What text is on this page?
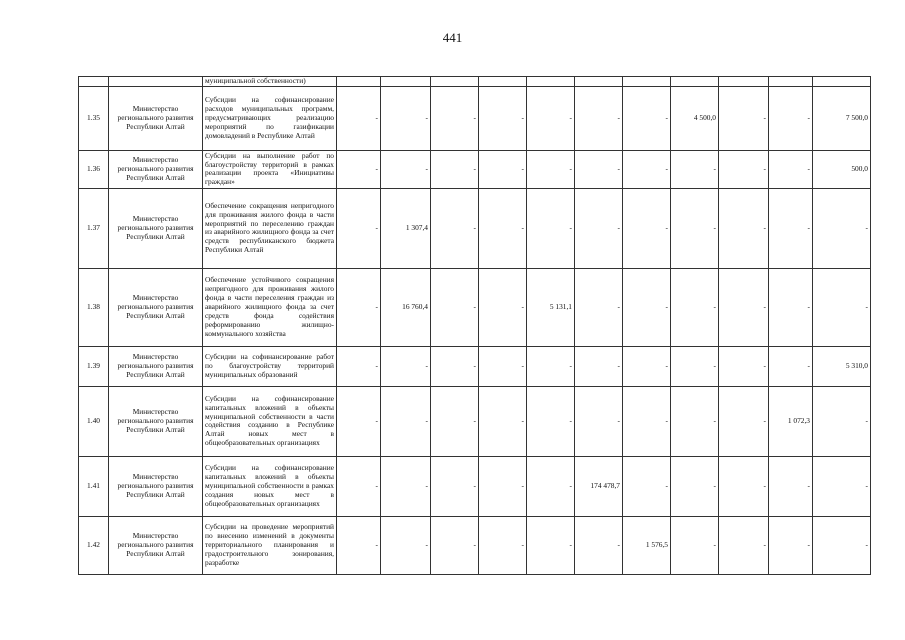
441
		муниципальной собственности)											
1.35	Министерство регионального развития Республики Алтай	Субсидии на софинансирование расходов муниципальных программ, предусматривающих реализацию мероприятий по газификации домовладений в Республике Алтай	-	-	-	-	-	-	-	4 500,0	-	-	7 500,0
1.36	Министерство регионального развития Республики Алтай	Субсидии на выполнение работ по благоустройству территорий в рамках реализации проекта «Инициативы граждан»	-	-	-	-	-	-	-	-	-	-	500,0
1.37	Министерство регионального развития Республики Алтай	Обеспечение сокращения непригодного для проживания жилого фонда в части мероприятий по переселению граждан из аварийного жилищного фонда за счет средств республиканского бюджета Республики Алтай	-	1 307,4	-	-	-	-	-	-	-	-	-
1.38	Министерство регионального развития Республики Алтай	Обеспечение устойчивого сокращения непригодного для проживания жилого фонда в части переселения граждан из аварийного жилищного фонда за счет средств фонда содействия реформированию жилищно-коммунального хозяйства	-	16 760,4	-	-	5 131,1	-	-	-	-	-	-
1.39	Министерство регионального развития Республики Алтай	Субсидии на софинансирование работ по благоустройству территорий муниципальных образований	-	-	-	-	-	-	-	-	-	-	5 310,0
1.40	Министерство регионального развития Республики Алтай	Субсидии на софинансирование капитальных вложений в объекты муниципальной собственности в части содействия созданию в Республике Алтай новых мест в общеобразовательных организациях	-	-	-	-	-	-	-	-	-	1 072,3	-
1.41	Министерство регионального развития Республики Алтай	Субсидии на софинансирование капитальных вложений в объекты муниципальной собственности в рамках создания новых мест в общеобразовательных организациях	-	-	-	-	-	174 478,7	-	-	-	-	-
1.42	Министерство регионального развития Республики Алтай	Субсидии на проведение мероприятий по внесению изменений в документы территориального планирования и градостроительного зонирования, разработке	-	-	-	-	-	-	1 576,5	-	-	-	-
